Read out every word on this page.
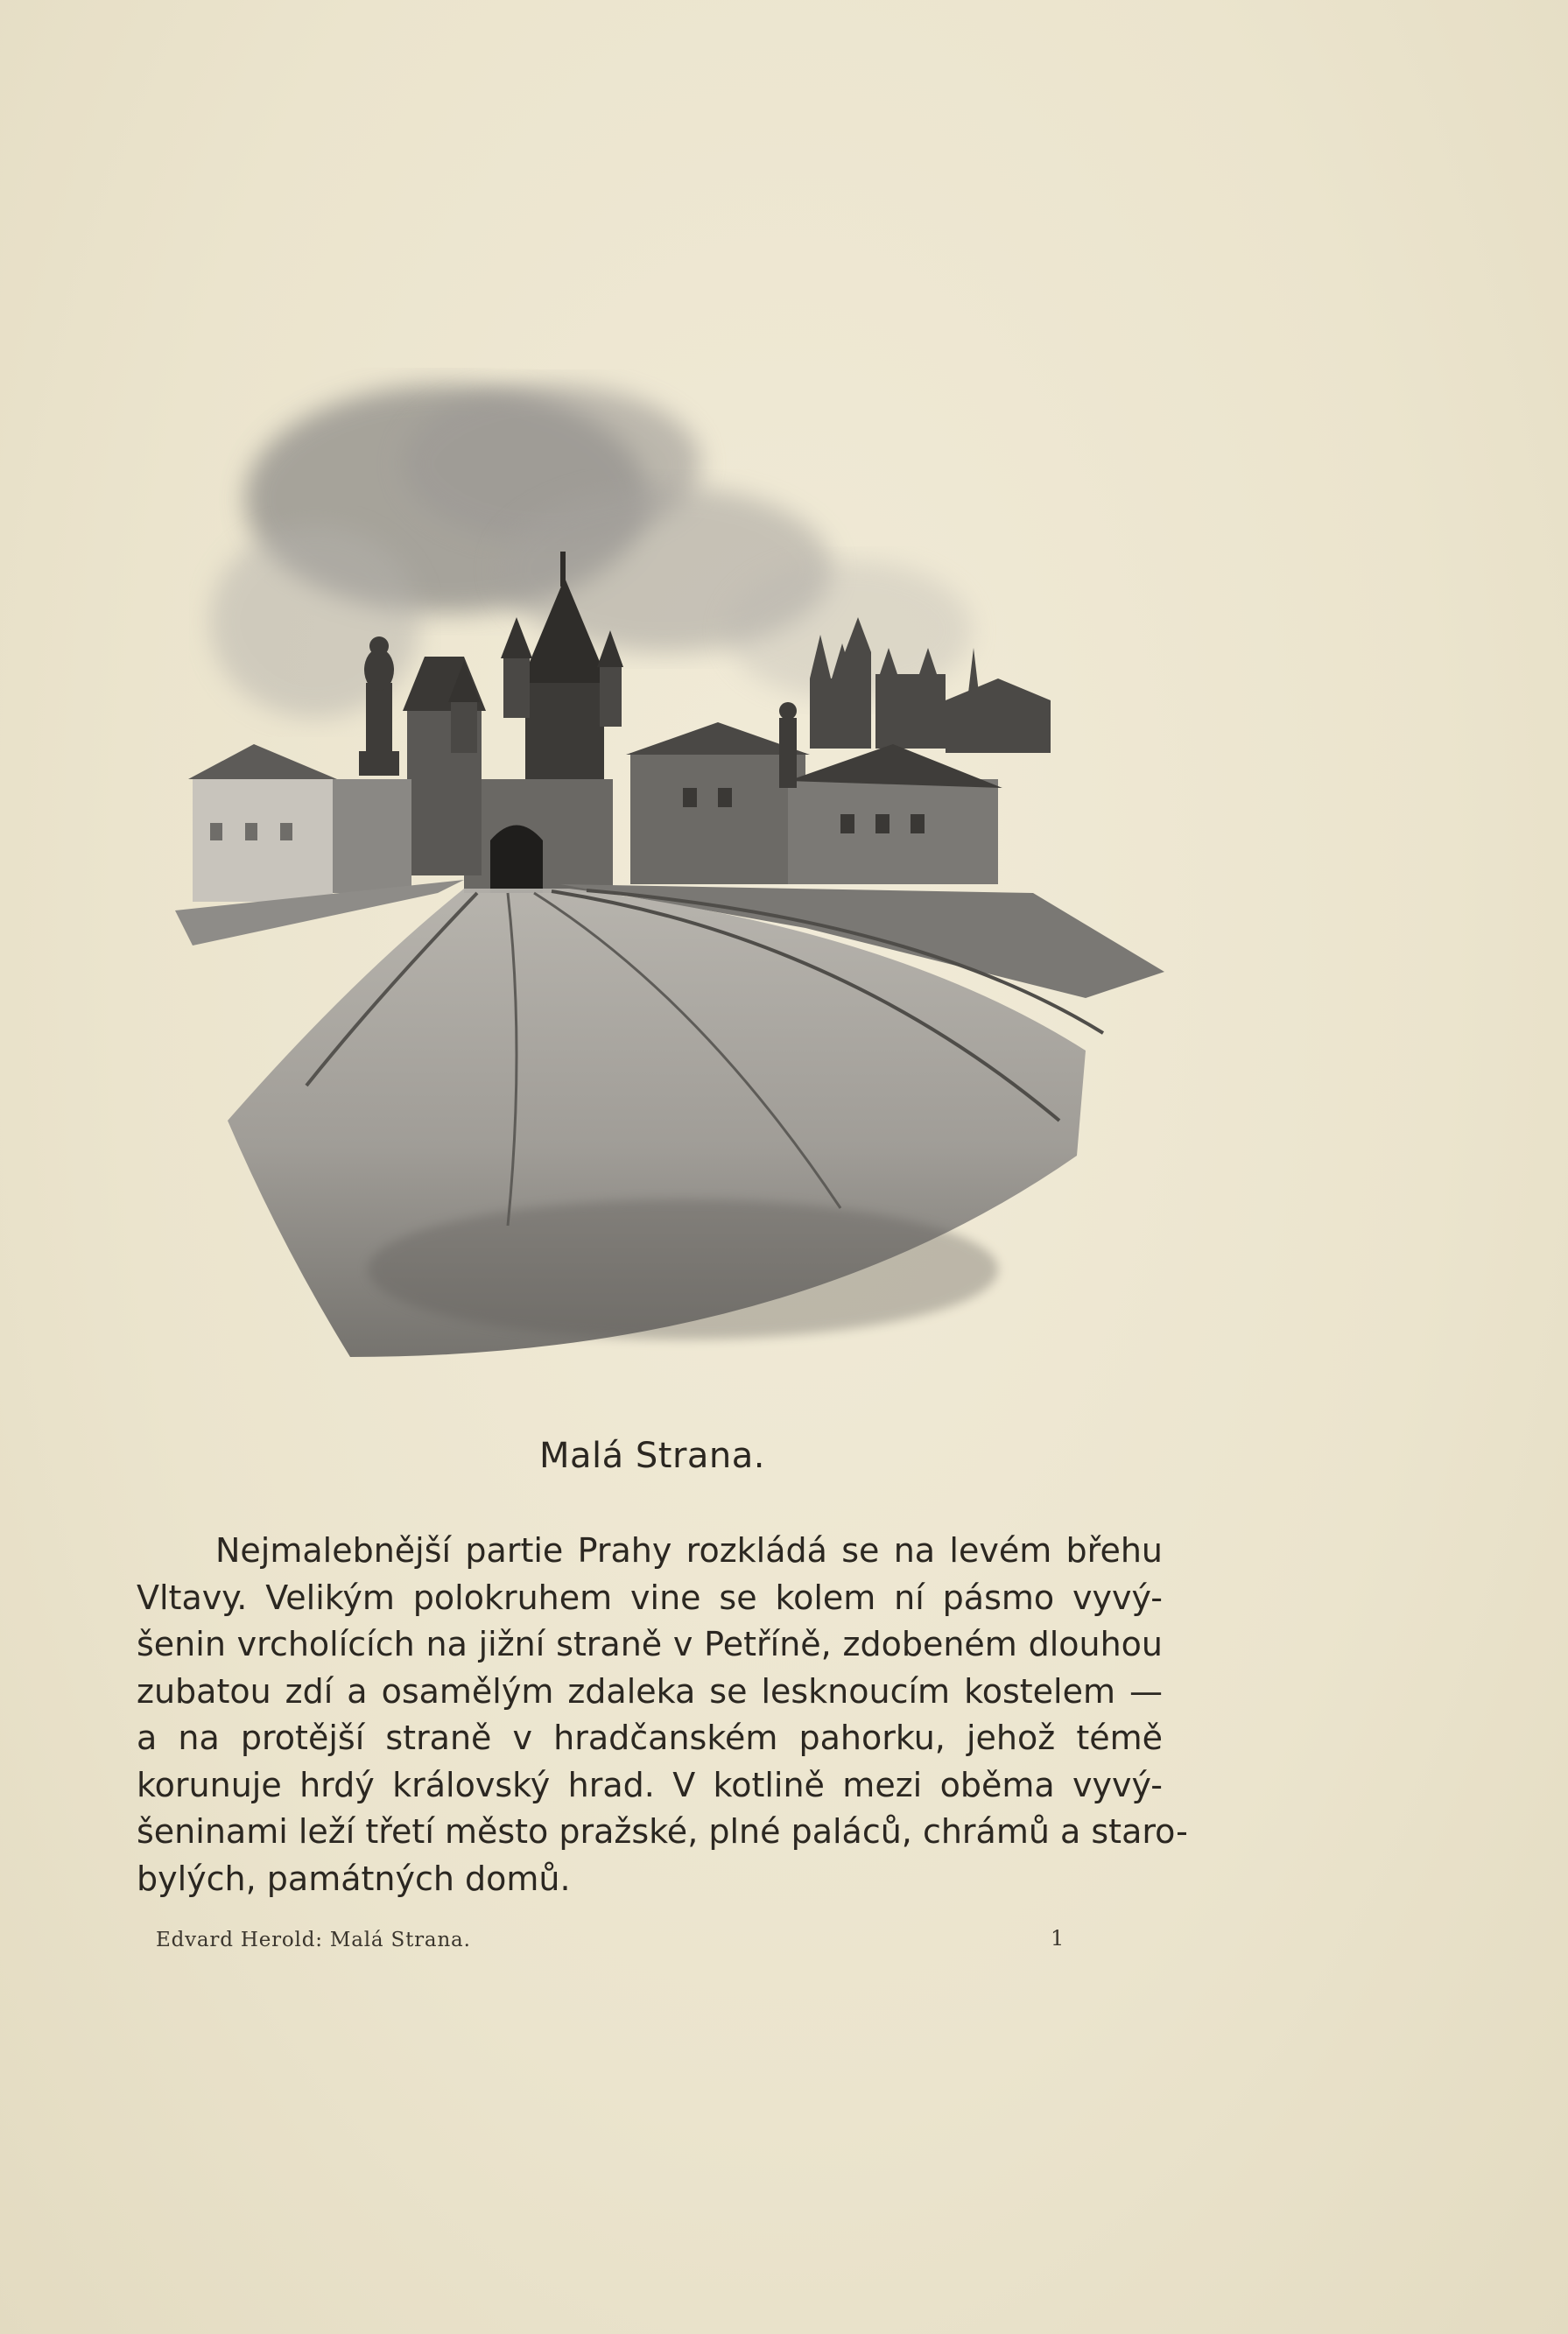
Malá Strana.
Nejmalebnější partie Prahy rozkládá se na levém břehu
Vltavy. Velikým polokruhem vine se kolem ní pásmo vyvý-
šenin vrcholících na jižní straně v Petříně, zdobeném dlouhou
zubatou zdí a osamělým zdaleka se lesknoucím kostelem —
a na protější straně v hradčanském pahorku, jehož témě
korunuje hrdý královský hrad. V kotlině mezi oběma vyvý-
šeninami leží třetí město pražské, plné paláců, chrámů a staro-
bylých, památných domů.
Edvard Herold: Malá Strana.	1
